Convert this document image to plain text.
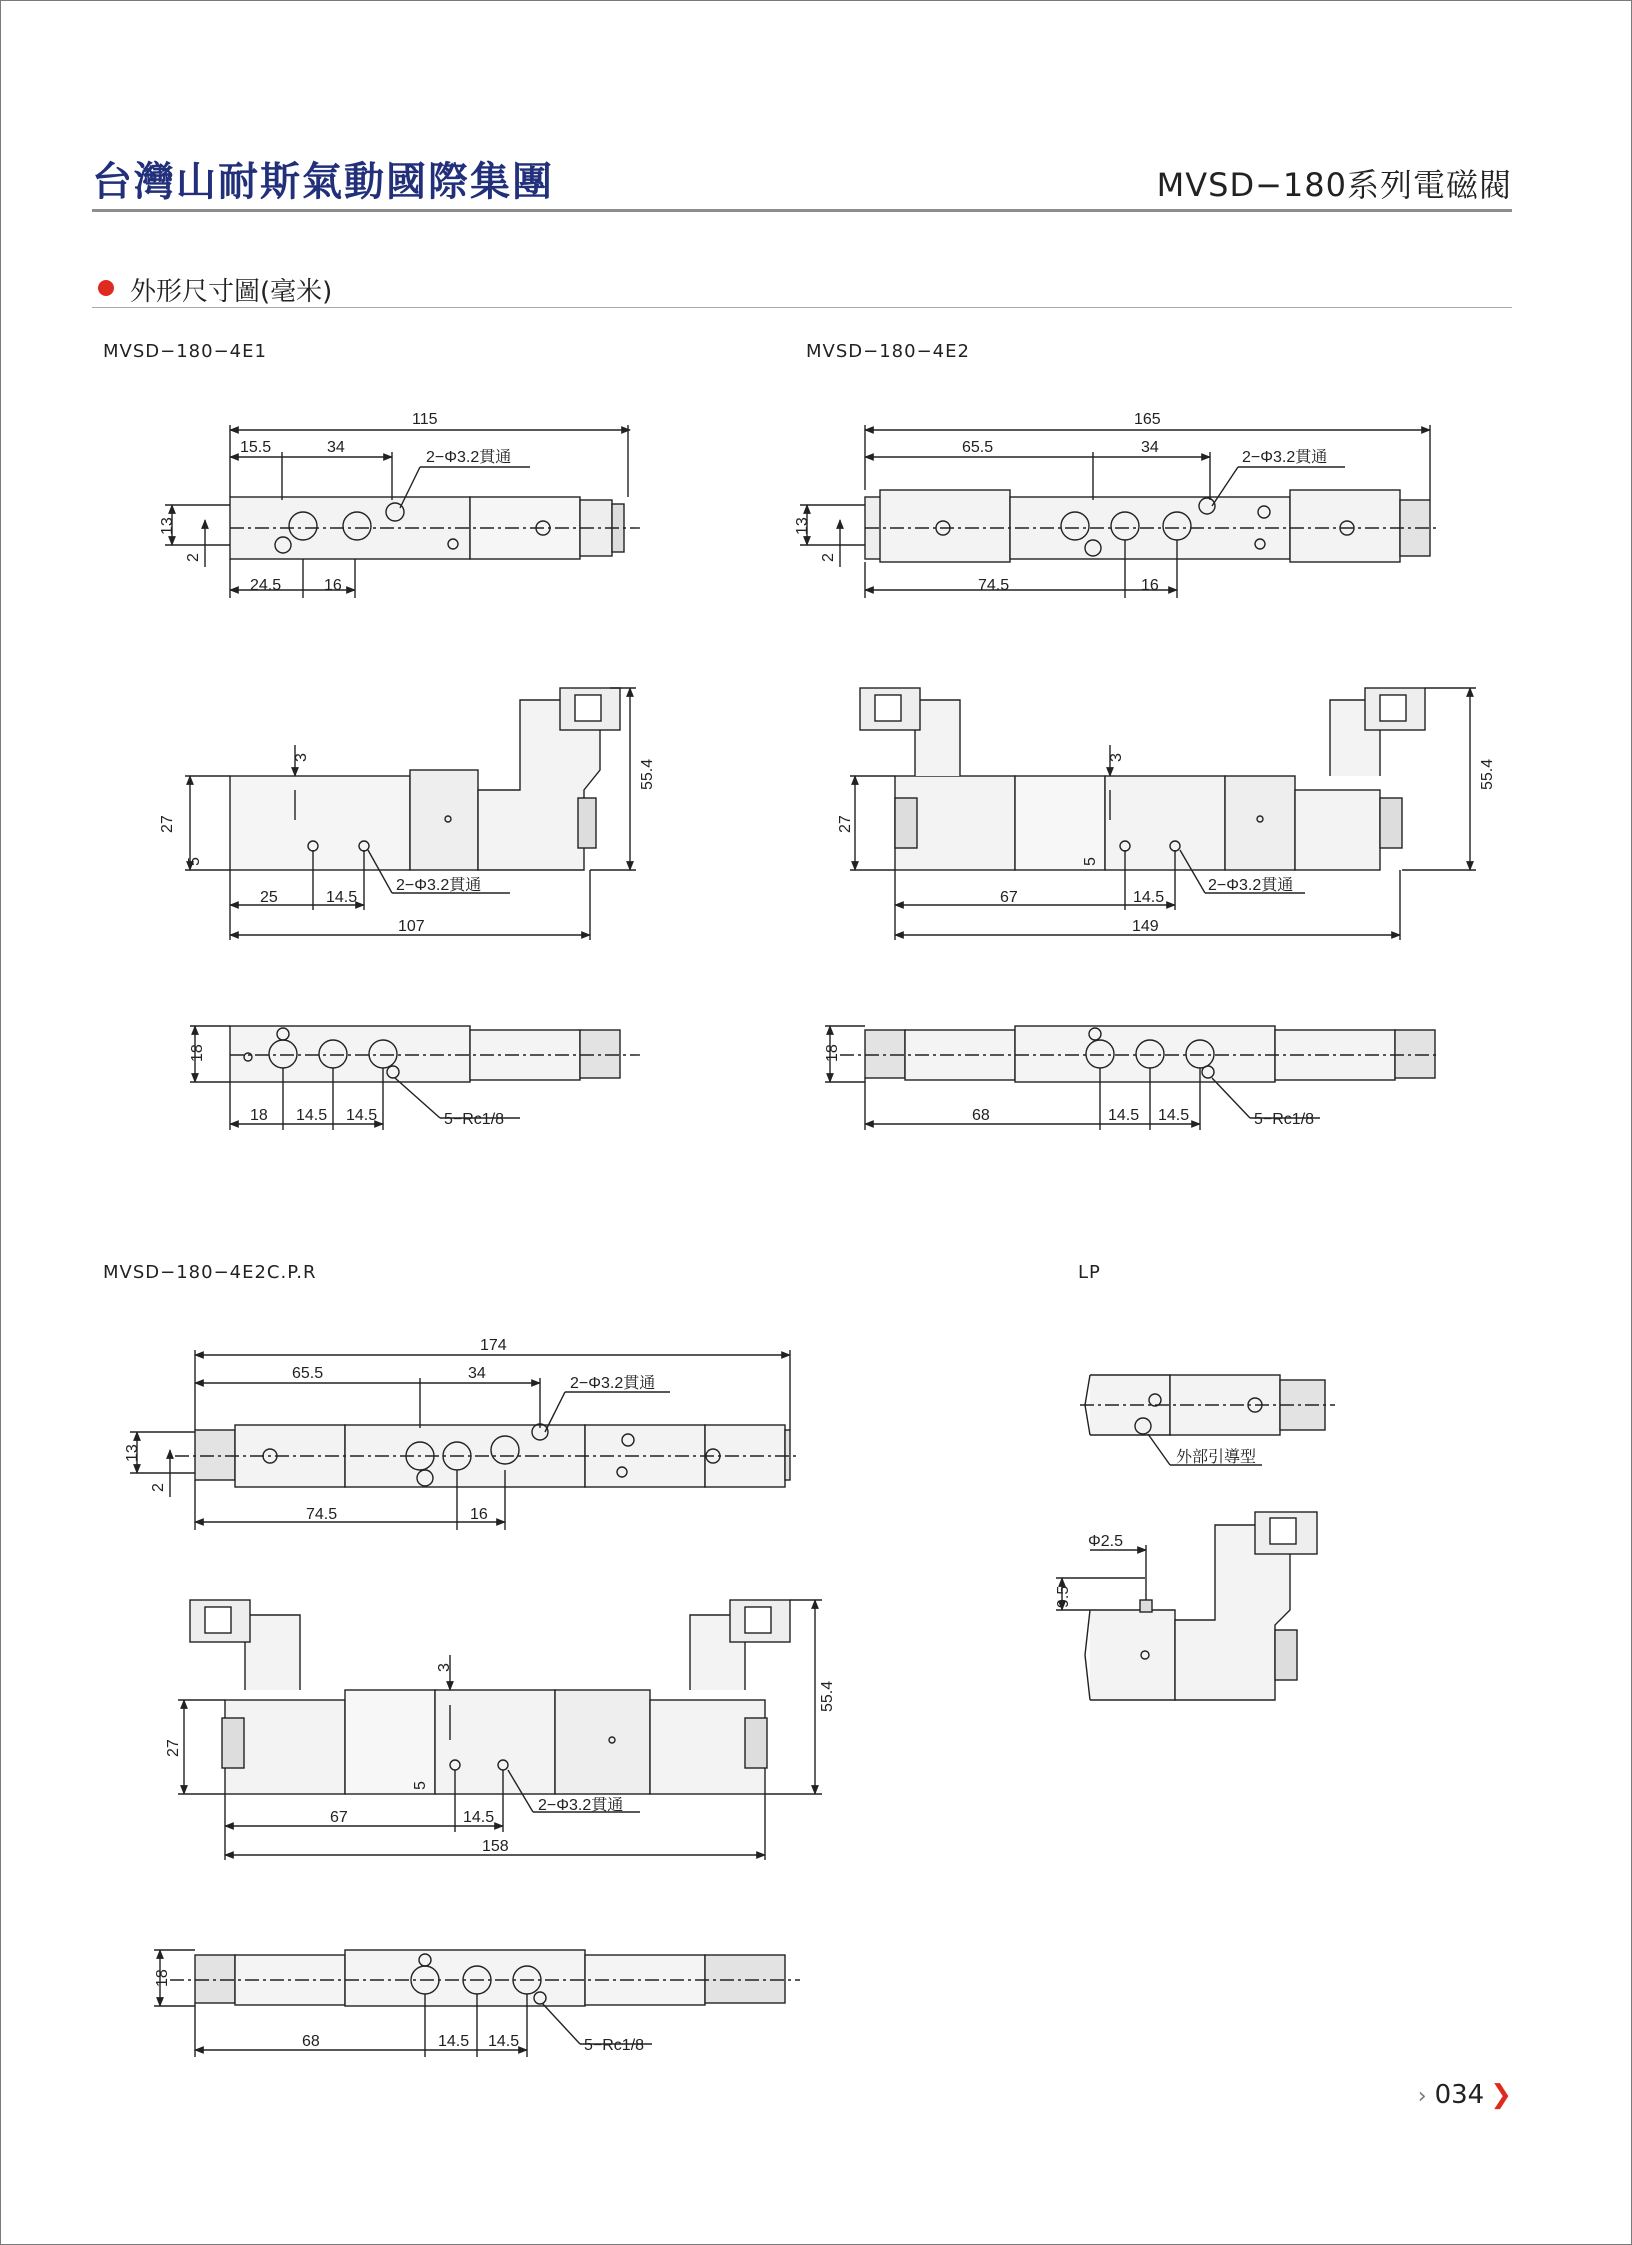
台灣山耐斯氣動國際集團	MVSD−180系列電磁閥
外形尺寸圖(毫米)
MVSD−180−4E1	MVSD−180−4E2
MVSD−180−4E2C.P.R	LP
115
15.5	34
2−Φ3.2貫通
24.5	16
13
2
3
27
5
25	14.5
2−Φ3.2貫通
107
55.4
18
18 14.5 14.5	5−Rc1/8
165
65.5	34
2−Φ3.2貫通
74.5	16
13
2
3
27
5
67	14.5
2−Φ3.2貫通
149
55.4
18
68	14.5 14.5	5−Rc1/8
174
65.5	34
2−Φ3.2貫通
74.5	16
13
2
3
27
5
67	14.5
2−Φ3.2貫通
158
55.4
18
68	14.5 14.5	5−Rc1/8
外部引導型
Φ2.5
9.5
› 034 ❯
